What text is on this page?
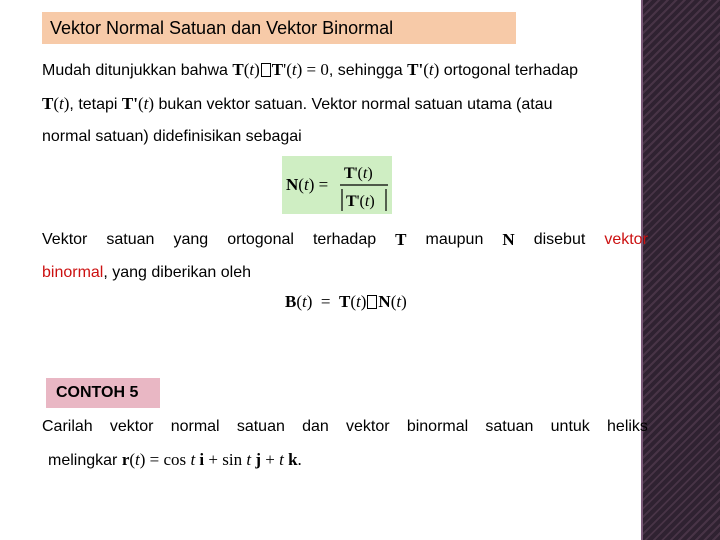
Vektor Normal Satuan dan Vektor Binormal
Mudah ditunjukkan bahwa T(t) T'(t) = 0, sehingga T'(t) ortogonal terhadap
T(t), tetapi T'(t) bukan vektor satuan. Vektor normal satuan utama (atau
normal satuan) didefinisikan sebagai
N(t) =
T'(t)
T'(t)
Vektor satuan yang ortogonal terhadap T maupun N disebut vektor
binormal, yang diberikan oleh
B(t)  =  T(t) N(t)
CONTOH 5
Carilah vektor normal satuan dan vektor binormal satuan untuk heliks
melingkar r(t) = cos t i + sin t j + t k.
